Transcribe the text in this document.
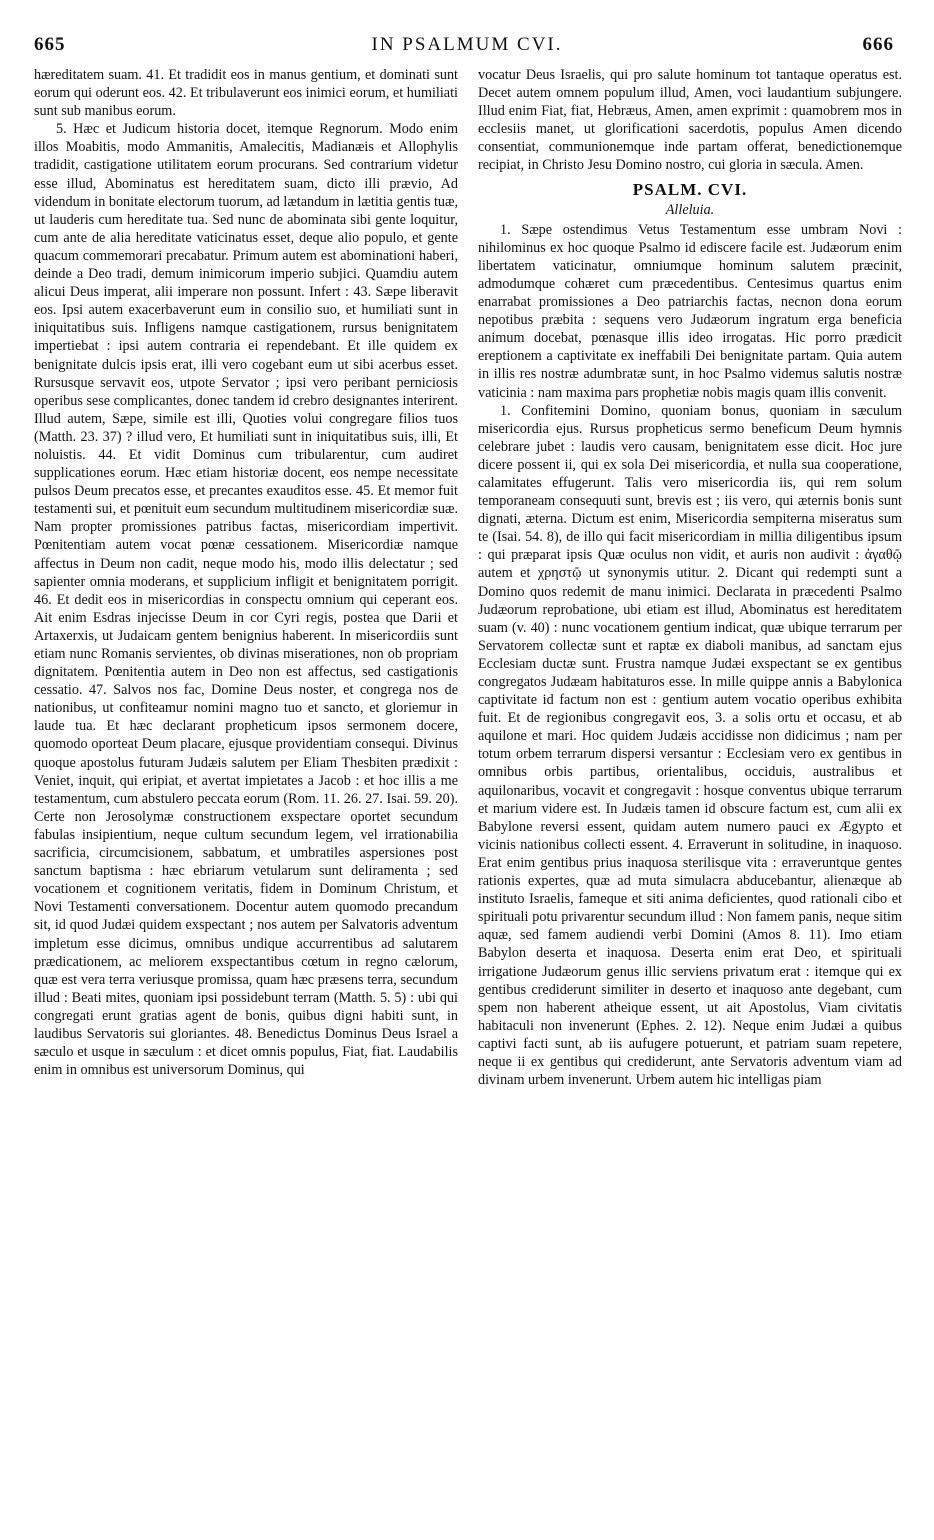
665	IN PSALMUM CVI.	666

hæreditatem suam. 41. Et tradidit eos in manus gentium, et dominati sunt eorum qui oderunt eos. 42. Et tribulaverunt eos inimici eorum, et humiliati sunt sub manibus eorum.

5. Hæc et Judicum historia docet, itemque Regnorum. Modo enim illos Moabitis, modo Ammanitis, Amalecitis, Madianæis et Allophylis tradidit, castigatione utilitatem eorum procurans. Sed contrarium videtur esse illud, Abominatus est hereditatem suam, dicto illi prævio, Ad videndum in bonitate electorum tuorum, ad lætandum in lætitia gentis tuæ, ut lauderis cum hereditate tua. Sed nunc de abominata sibi gente loquitur, cum ante de alia hereditate vaticinatus esset, deque alio populo, et gente quacum commemorari precabatur. Primum autem est abominationi haberi, deinde a Deo tradi, demum inimicorum imperio subjici. Quamdiu autem alicui Deus imperat, alii imperare non possunt. Infert : 43. Sæpe liberavit eos. Ipsi autem exacerbaverunt eum in consilio suo, et humiliati sunt in iniquitatibus suis. Infligens namque castigationem, rursus benignitatem impertiebat : ipsi autem contraria ei rependebant. Et ille quidem ex benignitate dulcis ipsis erat, illi vero cogebant eum ut sibi acerbus esset. Rursusque servavit eos, utpote Servator ; ipsi vero peribant perniciosis operibus sese complicantes, donec tandem id crebro designantes interirent. Illud autem, Sæpe, simile est illi, Quoties volui congregare filios tuos (Matth. 23. 37) ? illud vero, Et humiliati sunt in iniquitatibus suis, illi, Et noluistis. 44. Et vidit Dominus cum tribularentur, cum audiret supplicationes eorum. Hæc etiam historiæ docent, eos nempe necessitate pulsos Deum precatos esse, et precantes exauditos esse. 45. Et memor fuit testamenti sui, et pœnituit eum secundum multitudinem misericordiæ suæ. Nam propter promissiones patribus factas, misericordiam impertivit. Pœnitentiam autem vocat pœnæ cessationem. Misericordiæ namque affectus in Deum non cadit, neque modo his, modo illis delectatur ; sed sapienter omnia moderans, et supplicium infligit et benignitatem porrigit. 46. Et dedit eos in misericordias in conspectu omnium qui ceperant eos. Ait enim Esdras injecisse Deum in cor Cyri regis, postea que Darii et Artaxerxis, ut Judaicam gentem benignius haberent. In misericordiis sunt etiam nunc Romanis servientes, ob divinas miserationes, non ob propriam dignitatem. Pœnitentia autem in Deo non est affectus, sed castigationis cessatio. 47. Salvos nos fac, Domine Deus noster, et congrega nos de nationibus, ut confiteamur nomini magno tuo et sancto, et gloriemur in laude tua. Et hæc declarant propheticum ipsos sermonem docere, quomodo oporteat Deum placare, ejusque providentiam consequi. Divinus quoque apostolus futuram Judæis salutem per Eliam Thesbiten prædixit : Veniet, inquit, qui eripiat, et avertat impietates a Jacob : et hoc illis a me testamentum, cum abstulero peccata eorum (Rom. 11. 26. 27. Isai. 59. 20). Certe non Jerosolymæ constructionem exspectare oportet secundum fabulas insipientium, neque cultum secundum legem, vel irrationabilia sacrificia, circumcisionem, sabbatum, et umbratiles aspersiones post sanctum baptisma : hæc ebriarum vetularum sunt deliramenta ; sed vocationem et cognitionem veritatis, fidem in Dominum Christum, et Novi Testamenti conversationem. Docentur autem quomodo precandum sit, id quod Judæi quidem exspectant ; nos autem per Salvatoris adventum impletum esse dicimus, omnibus undique accurrentibus ad salutarem prædicationem, ac meliorem exspectantibus cœtum in regno cælorum, quæ est vera terra veriusque promissa, quam hæc præsens terra, secundum illud : Beati mites, quoniam ipsi possidebunt terram (Matth. 5. 5) : ubi qui congregati erunt gratias agent de bonis, quibus digni habiti sunt, in laudibus Servatoris sui gloriantes. 48. Benedictus Dominus Deus Israel a sæculo et usque in sæculum : et dicet omnis populus, Fiat, fiat. Laudabilis enim in omnibus est universorum Dominus, qui

vocatur Deus Israelis, qui pro salute hominum tot tantaque operatus est. Decet autem omnem populum illud, Amen, voci laudantium subjungere. Illud enim Fiat, fiat, Hebræus, Amen, amen exprimit : quamobrem mos in ecclesiis manet, ut glorificationi sacerdotis, populus Amen dicendo consentiat, communionemque inde partam offerat, benedictionemque recipiat, in Christo Jesu Domino nostro, cui gloria in sæcula. Amen.

PSALM. CVI.
Alleluia.

1. Sæpe ostendimus Vetus Testamentum esse umbram Novi : nihilominus ex hoc quoque Psalmo id ediscere facile est. Judæorum enim libertatem vaticinatur, omniumque hominum salutem præcinit, admodumque cohæret cum præcedentibus. Centesimus quartus enim enarrabat promissiones a Deo patriarchis factas, necnon dona eorum nepotibus præbita : sequens vero Judæorum ingratum erga beneficia animum docebat, pœnasque illis ideo irrogatas. Hic porro prædicit ereptionem a captivitate ex ineffabili Dei benignitate partam. Quia autem in illis res nostræ adumbratæ sunt, in hoc Psalmo videmus salutis nostræ vaticinia : nam maxima pars prophetiæ nobis magis quam illis convenit.

1. Confitemini Domino, quoniam bonus, quoniam in sæculum misericordia ejus. Rursus propheticus sermo beneficum Deum hymnis celebrare jubet : laudis vero causam, benignitatem esse dicit. Hoc jure dicere possent ii, qui ex sola Dei misericordia, et nulla sua cooperatione, calamitates effugerunt. Talis vero misericordia iis, qui rem solum temporaneam consequuti sunt, brevis est ; iis vero, qui æternis bonis sunt dignati, æterna. Dictum est enim, Misericordia sempiterna miseratus sum te (Isai. 54. 8), de illo qui facit misericordiam in millia diligentibus ipsum : qui præparat ipsis Quæ oculus non vidit, et auris non audivit : ἀγαθῷ autem et χρηστῷ ut synonymis utitur. 2. Dicant qui redempti sunt a Domino quos redemit de manu inimici. Declarata in præcedenti Psalmo Judæorum reprobatione, ubi etiam est illud, Abominatus est hereditatem suam (v. 40) : nunc vocationem gentium indicat, quæ ubique terrarum per Servatorem collectæ sunt et raptæ ex diaboli manibus, ad sanctam ejus Ecclesiam ductæ sunt. Frustra namque Judæi exspectant se ex gentibus congregatos Judæam habitaturos esse. In mille quippe annis a Babylonica captivitate id factum non est : gentium autem vocatio operibus exhibita fuit. Et de regionibus congregavit eos, 3. a solis ortu et occasu, et ab aquilone et mari. Hoc quidem Judæis accidisse non didicimus ; nam per totum orbem terrarum dispersi versantur : Ecclesiam vero ex gentibus in omnibus orbis partibus, orientalibus, occiduis, australibus et aquilonaribus, vocavit et congregavit : hosque conventus ubique terrarum et marium videre est. In Judæis tamen id obscure factum est, cum alii ex Babylone reversi essent, quidam autem numero pauci ex Ægypto et vicinis nationibus collecti essent. 4. Erraverunt in solitudine, in inaquoso. Erat enim gentibus prius inaquosa sterilisque vita : erraveruntque gentes rationis expertes, quæ ad muta simulacra abducebantur, alienæque ab instituto Israelis, fameque et siti anima deficientes, quod rationali cibo et spirituali potu privarentur secundum illud : Non famem panis, neque sitim aquæ, sed famem audiendi verbi Domini (Amos 8. 11). Imo etiam Babylon deserta et inaquosa. Deserta enim erat Deo, et spirituali irrigatione Judæorum genus illic serviens privatum erat : itemque qui ex gentibus crediderunt similiter in deserto et inaquoso ante degebant, cum spem non haberent atheique essent, ut ait Apostolus, Viam civitatis habitaculi non invenerunt (Ephes. 2. 12). Neque enim Judæi a quibus captivi facti sunt, ab iis aufugere potuerunt, et patriam suam repetere, neque ii ex gentibus qui crediderunt, ante Servatoris adventum viam ad divinam urbem invenerunt. Urbem autem hic intelligas piam
